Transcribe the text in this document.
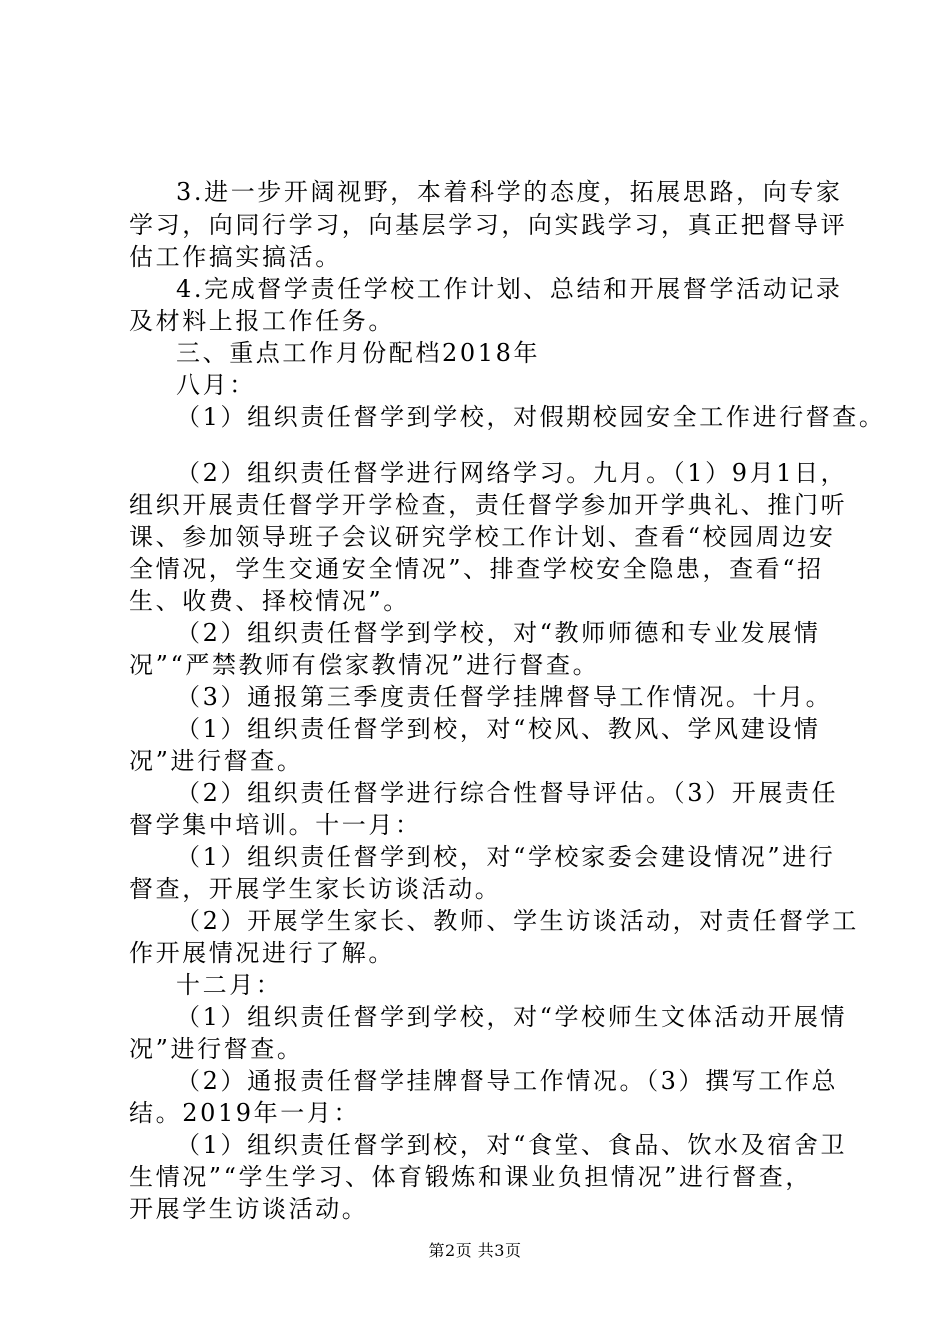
3.进一步开阔视野，本着科学的态度，拓展思路，向专家
学习，向同行学习，向基层学习，向实践学习，真正把督导评
估工作搞实搞活。
4.完成督学责任学校工作计划、总结和开展督学活动记录
及材料上报工作任务。
三、重点工作月份配档2018年
八月：
（1）组织责任督学到学校，对假期校园安全工作进行督查。
（2）组织责任督学进行网络学习。九月。（1）9月1日，
组织开展责任督学开学检查，责任督学参加开学典礼、推门听
课、参加领导班子会议研究学校工作计划、查看“校园周边安
全情况，学生交通安全情况”、排查学校安全隐患，查看“招
生、收费、择校情况”。
（2）组织责任督学到学校，对“教师师德和专业发展情
况”“严禁教师有偿家教情况”进行督查。
（3）通报第三季度责任督学挂牌督导工作情况。十月。
（1）组织责任督学到校，对“校风、教风、学风建设情
况”进行督查。
（2）组织责任督学进行综合性督导评估。（3）开展责任
督学集中培训。十一月：
（1）组织责任督学到校，对“学校家委会建设情况”进行
督查，开展学生家长访谈活动。
（2）开展学生家长、教师、学生访谈活动，对责任督学工
作开展情况进行了解。
十二月：
（1）组织责任督学到学校，对“学校师生文体活动开展情
况”进行督查。
（2）通报责任督学挂牌督导工作情况。（3）撰写工作总
结。2019年一月：
（1）组织责任督学到校，对“食堂、食品、饮水及宿舍卫
生情况”“学生学习、体育锻炼和课业负担情况”进行督查，
开展学生访谈活动。
第2页 共3页
